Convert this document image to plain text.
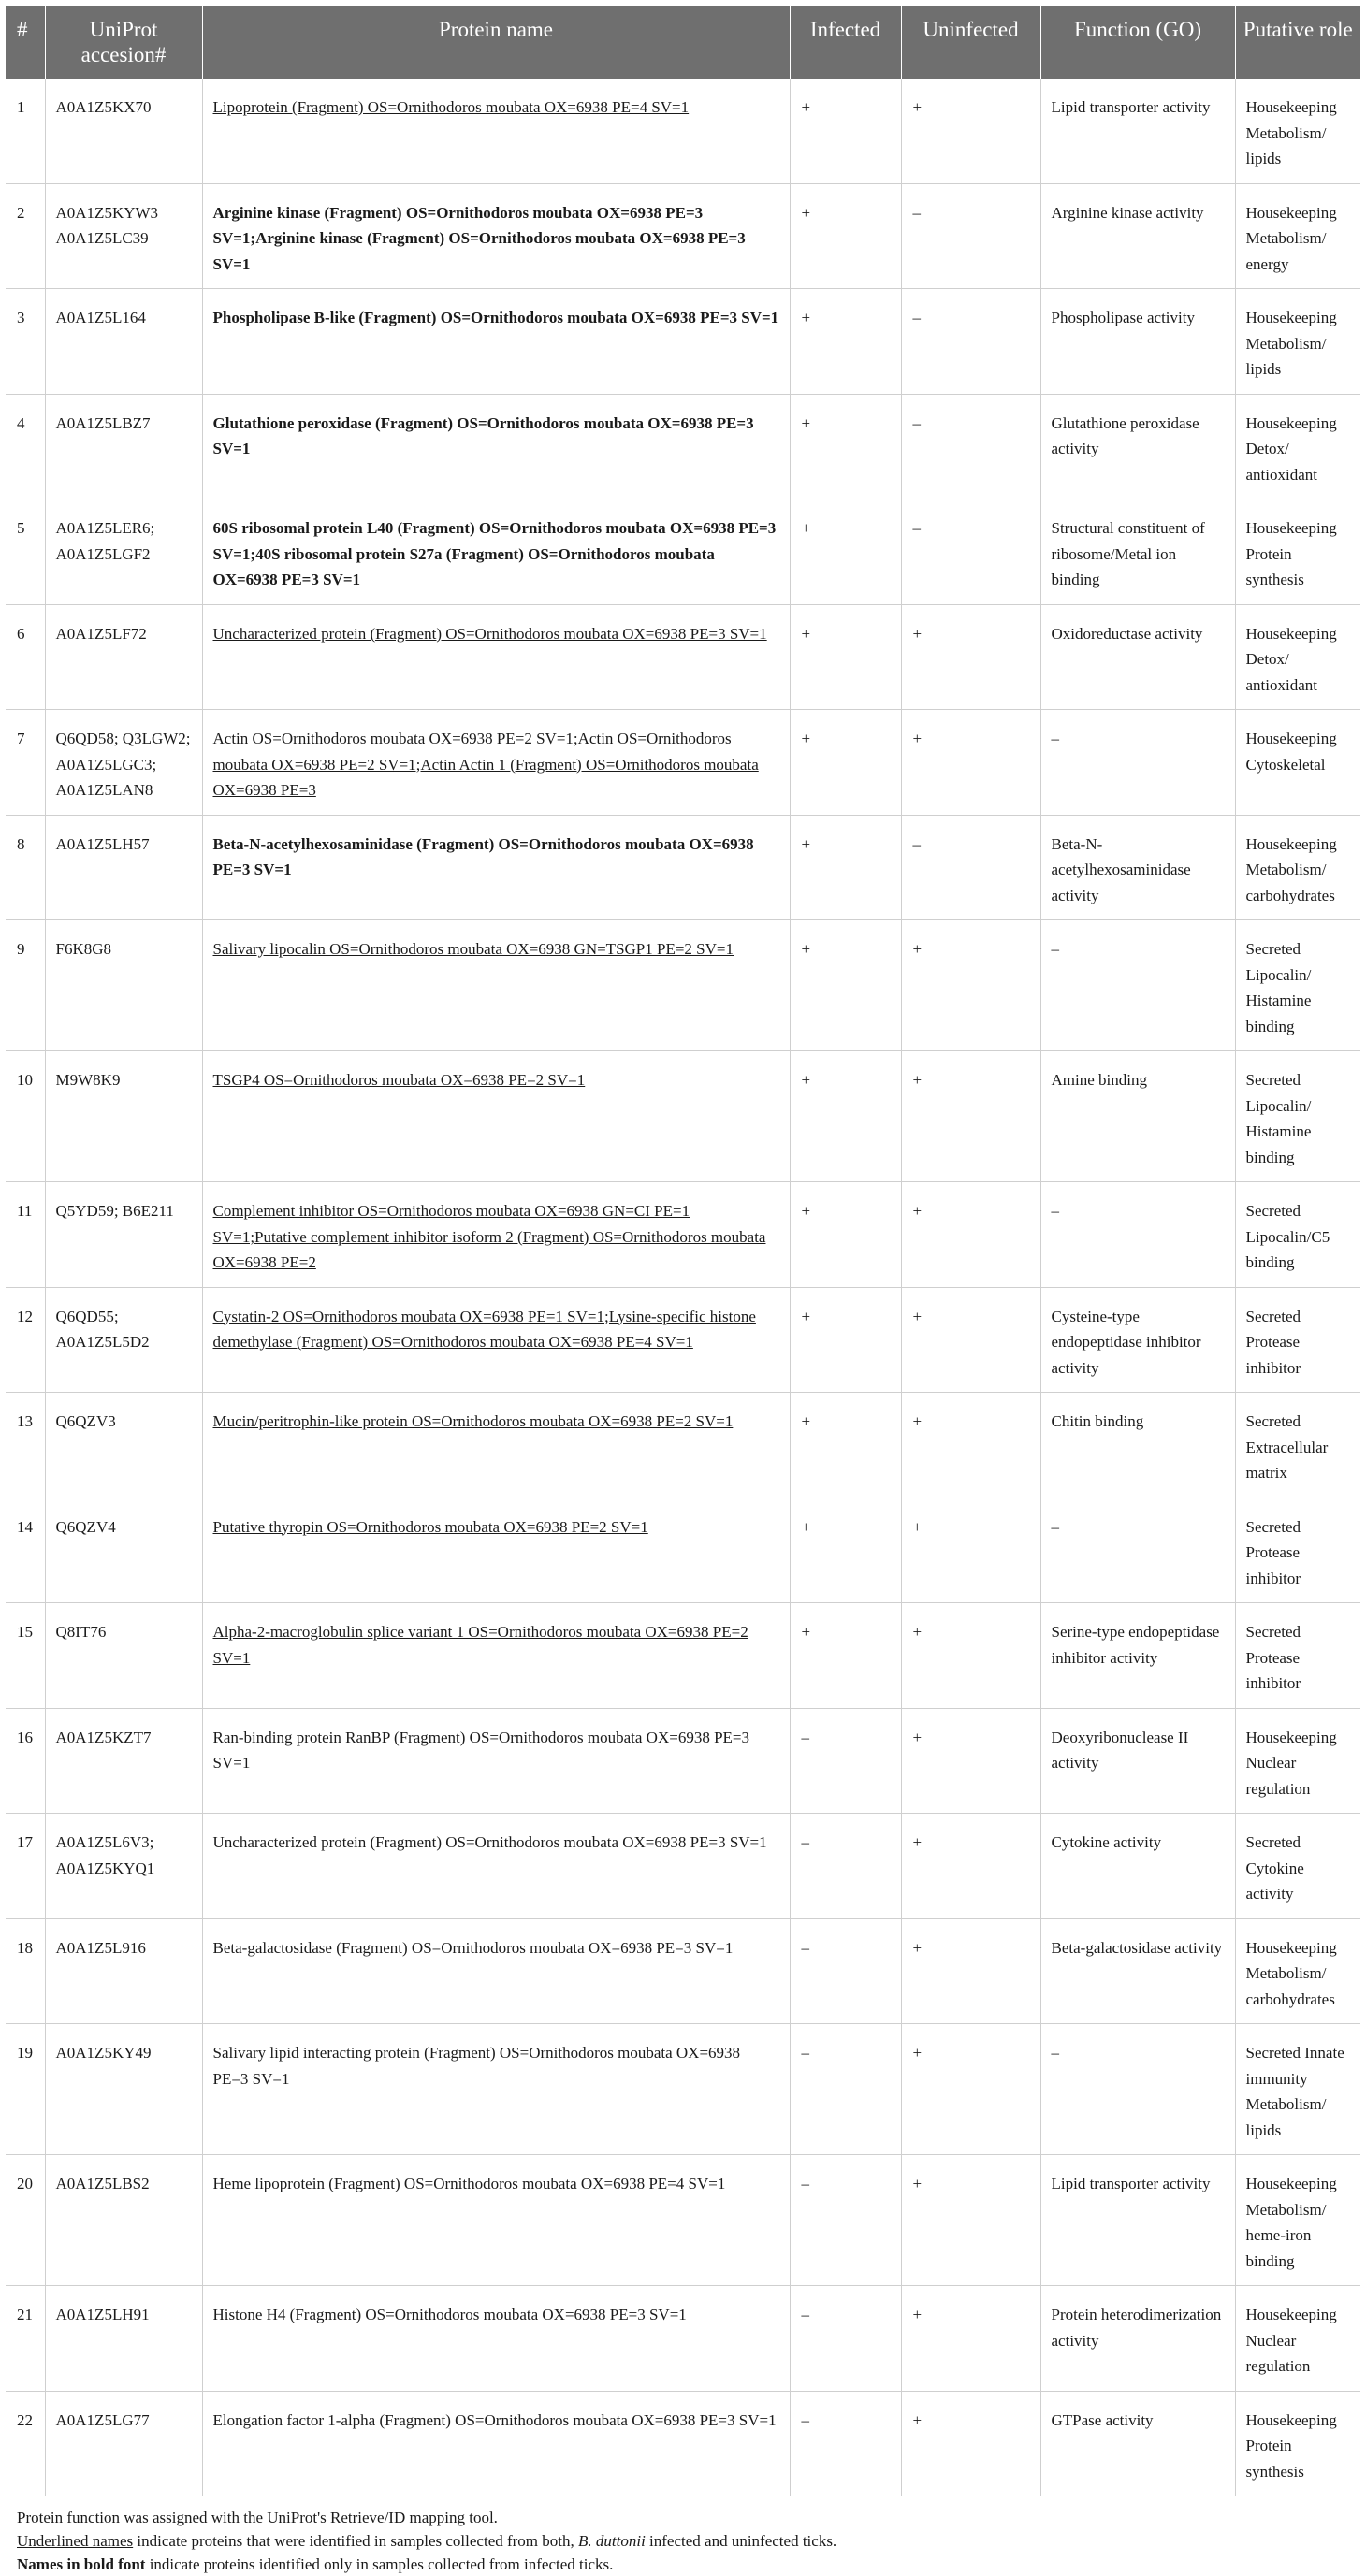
#	UniProt accesion#	Protein name	Infected	Uninfected	Function (GO)	Putative role
1	A0A1Z5KX70	Lipoprotein (Fragment) OS=Ornithodoros moubata OX=6938 PE=4 SV=1	+	+	Lipid transporter activity	Housekeeping Metabolism/ lipids
2	A0A1Z5KYW3 A0A1Z5LC39	Arginine kinase (Fragment) OS=Ornithodoros moubata OX=6938 PE=3 SV=1;Arginine kinase (Fragment) OS=Ornithodoros moubata OX=6938 PE=3 SV=1	+	–	Arginine kinase activity	Housekeeping Metabolism/ energy
3	A0A1Z5L164	Phospholipase B-like (Fragment) OS=Ornithodoros moubata OX=6938 PE=3 SV=1	+	–	Phospholipase activity	Housekeeping Metabolism/ lipids
4	A0A1Z5LBZ7	Glutathione peroxidase (Fragment) OS=Ornithodoros moubata OX=6938 PE=3 SV=1	+	–	Glutathione peroxidase activity	Housekeeping Detox/ antioxidant
5	A0A1Z5LER6; A0A1Z5LGF2	60S ribosomal protein L40 (Fragment) OS=Ornithodoros moubata OX=6938 PE=3 SV=1;40S ribosomal protein S27a (Fragment) OS=Ornithodoros moubata OX=6938 PE=3 SV=1	+	–	Structural constituent of ribosome/Metal ion binding	Housekeeping Protein synthesis
6	A0A1Z5LF72	Uncharacterized protein (Fragment) OS=Ornithodoros moubata OX=6938 PE=3 SV=1	+	+	Oxidoreductase activity	Housekeeping Detox/ antioxidant
7	Q6QD58; Q3LGW2; A0A1Z5LGC3; A0A1Z5LAN8	Actin OS=Ornithodoros moubata OX=6938 PE=2 SV=1;Actin OS=Ornithodoros moubata OX=6938 PE=2 SV=1;Actin Actin 1 (Fragment) OS=Ornithodoros moubata OX=6938 PE=3	+	+	–	Housekeeping Cytoskeletal
8	A0A1Z5LH57	Beta-N-acetylhexosaminidase (Fragment) OS=Ornithodoros moubata OX=6938 PE=3 SV=1	+	–	Beta-N-acetylhexosaminidase activity	Housekeeping Metabolism/ carbohydrates
9	F6K8G8	Salivary lipocalin OS=Ornithodoros moubata OX=6938 GN=TSGP1 PE=2 SV=1	+	+	–	Secreted Lipocalin/ Histamine binding
10	M9W8K9	TSGP4 OS=Ornithodoros moubata OX=6938 PE=2 SV=1	+	+	Amine binding	Secreted Lipocalin/ Histamine binding
11	Q5YD59; B6E211	Complement inhibitor OS=Ornithodoros moubata OX=6938 GN=CI PE=1 SV=1;Putative complement inhibitor isoform 2 (Fragment) OS=Ornithodoros moubata OX=6938 PE=2	+	+	–	Secreted Lipocalin/C5 binding
12	Q6QD55; A0A1Z5L5D2	Cystatin-2 OS=Ornithodoros moubata OX=6938 PE=1 SV=1;Lysine-specific histone demethylase (Fragment) OS=Ornithodoros moubata OX=6938 PE=4 SV=1	+	+	Cysteine-type endopeptidase inhibitor activity	Secreted Protease inhibitor
13	Q6QZV3	Mucin/peritrophin-like protein OS=Ornithodoros moubata OX=6938 PE=2 SV=1	+	+	Chitin binding	Secreted Extracellular matrix
14	Q6QZV4	Putative thyropin OS=Ornithodoros moubata OX=6938 PE=2 SV=1	+	+	–	Secreted Protease inhibitor
15	Q8IT76	Alpha-2-macroglobulin splice variant 1 OS=Ornithodoros moubata OX=6938 PE=2 SV=1	+	+	Serine-type endopeptidase inhibitor activity	Secreted Protease inhibitor
16	A0A1Z5KZT7	Ran-binding protein RanBP (Fragment) OS=Ornithodoros moubata OX=6938 PE=3 SV=1	–	+	Deoxyribonuclease II activity	Housekeeping Nuclear regulation
17	A0A1Z5L6V3; A0A1Z5KYQ1	Uncharacterized protein (Fragment) OS=Ornithodoros moubata OX=6938 PE=3 SV=1	–	+	Cytokine activity	Secreted Cytokine activity
18	A0A1Z5L916	Beta-galactosidase (Fragment) OS=Ornithodoros moubata OX=6938 PE=3 SV=1	–	+	Beta-galactosidase activity	Housekeeping Metabolism/ carbohydrates
19	A0A1Z5KY49	Salivary lipid interacting protein (Fragment) OS=Ornithodoros moubata OX=6938 PE=3 SV=1	–	+	–	Secreted Innate immunity Metabolism/ lipids
20	A0A1Z5LBS2	Heme lipoprotein (Fragment) OS=Ornithodoros moubata OX=6938 PE=4 SV=1	–	+	Lipid transporter activity	Housekeeping Metabolism/ heme-iron binding
21	A0A1Z5LH91	Histone H4 (Fragment) OS=Ornithodoros moubata OX=6938 PE=3 SV=1	–	+	Protein heterodimerization activity	Housekeeping Nuclear regulation
22	A0A1Z5LG77	Elongation factor 1-alpha (Fragment) OS=Ornithodoros moubata OX=6938 PE=3 SV=1	–	+	GTPase activity	Housekeeping Protein synthesis
Protein function was assigned with the UniProt's Retrieve/ID mapping tool.
Underlined names indicate proteins that were identified in samples collected from both, B. duttonii infected and uninfected ticks.
Names in bold font indicate proteins identified only in samples collected from infected ticks.
